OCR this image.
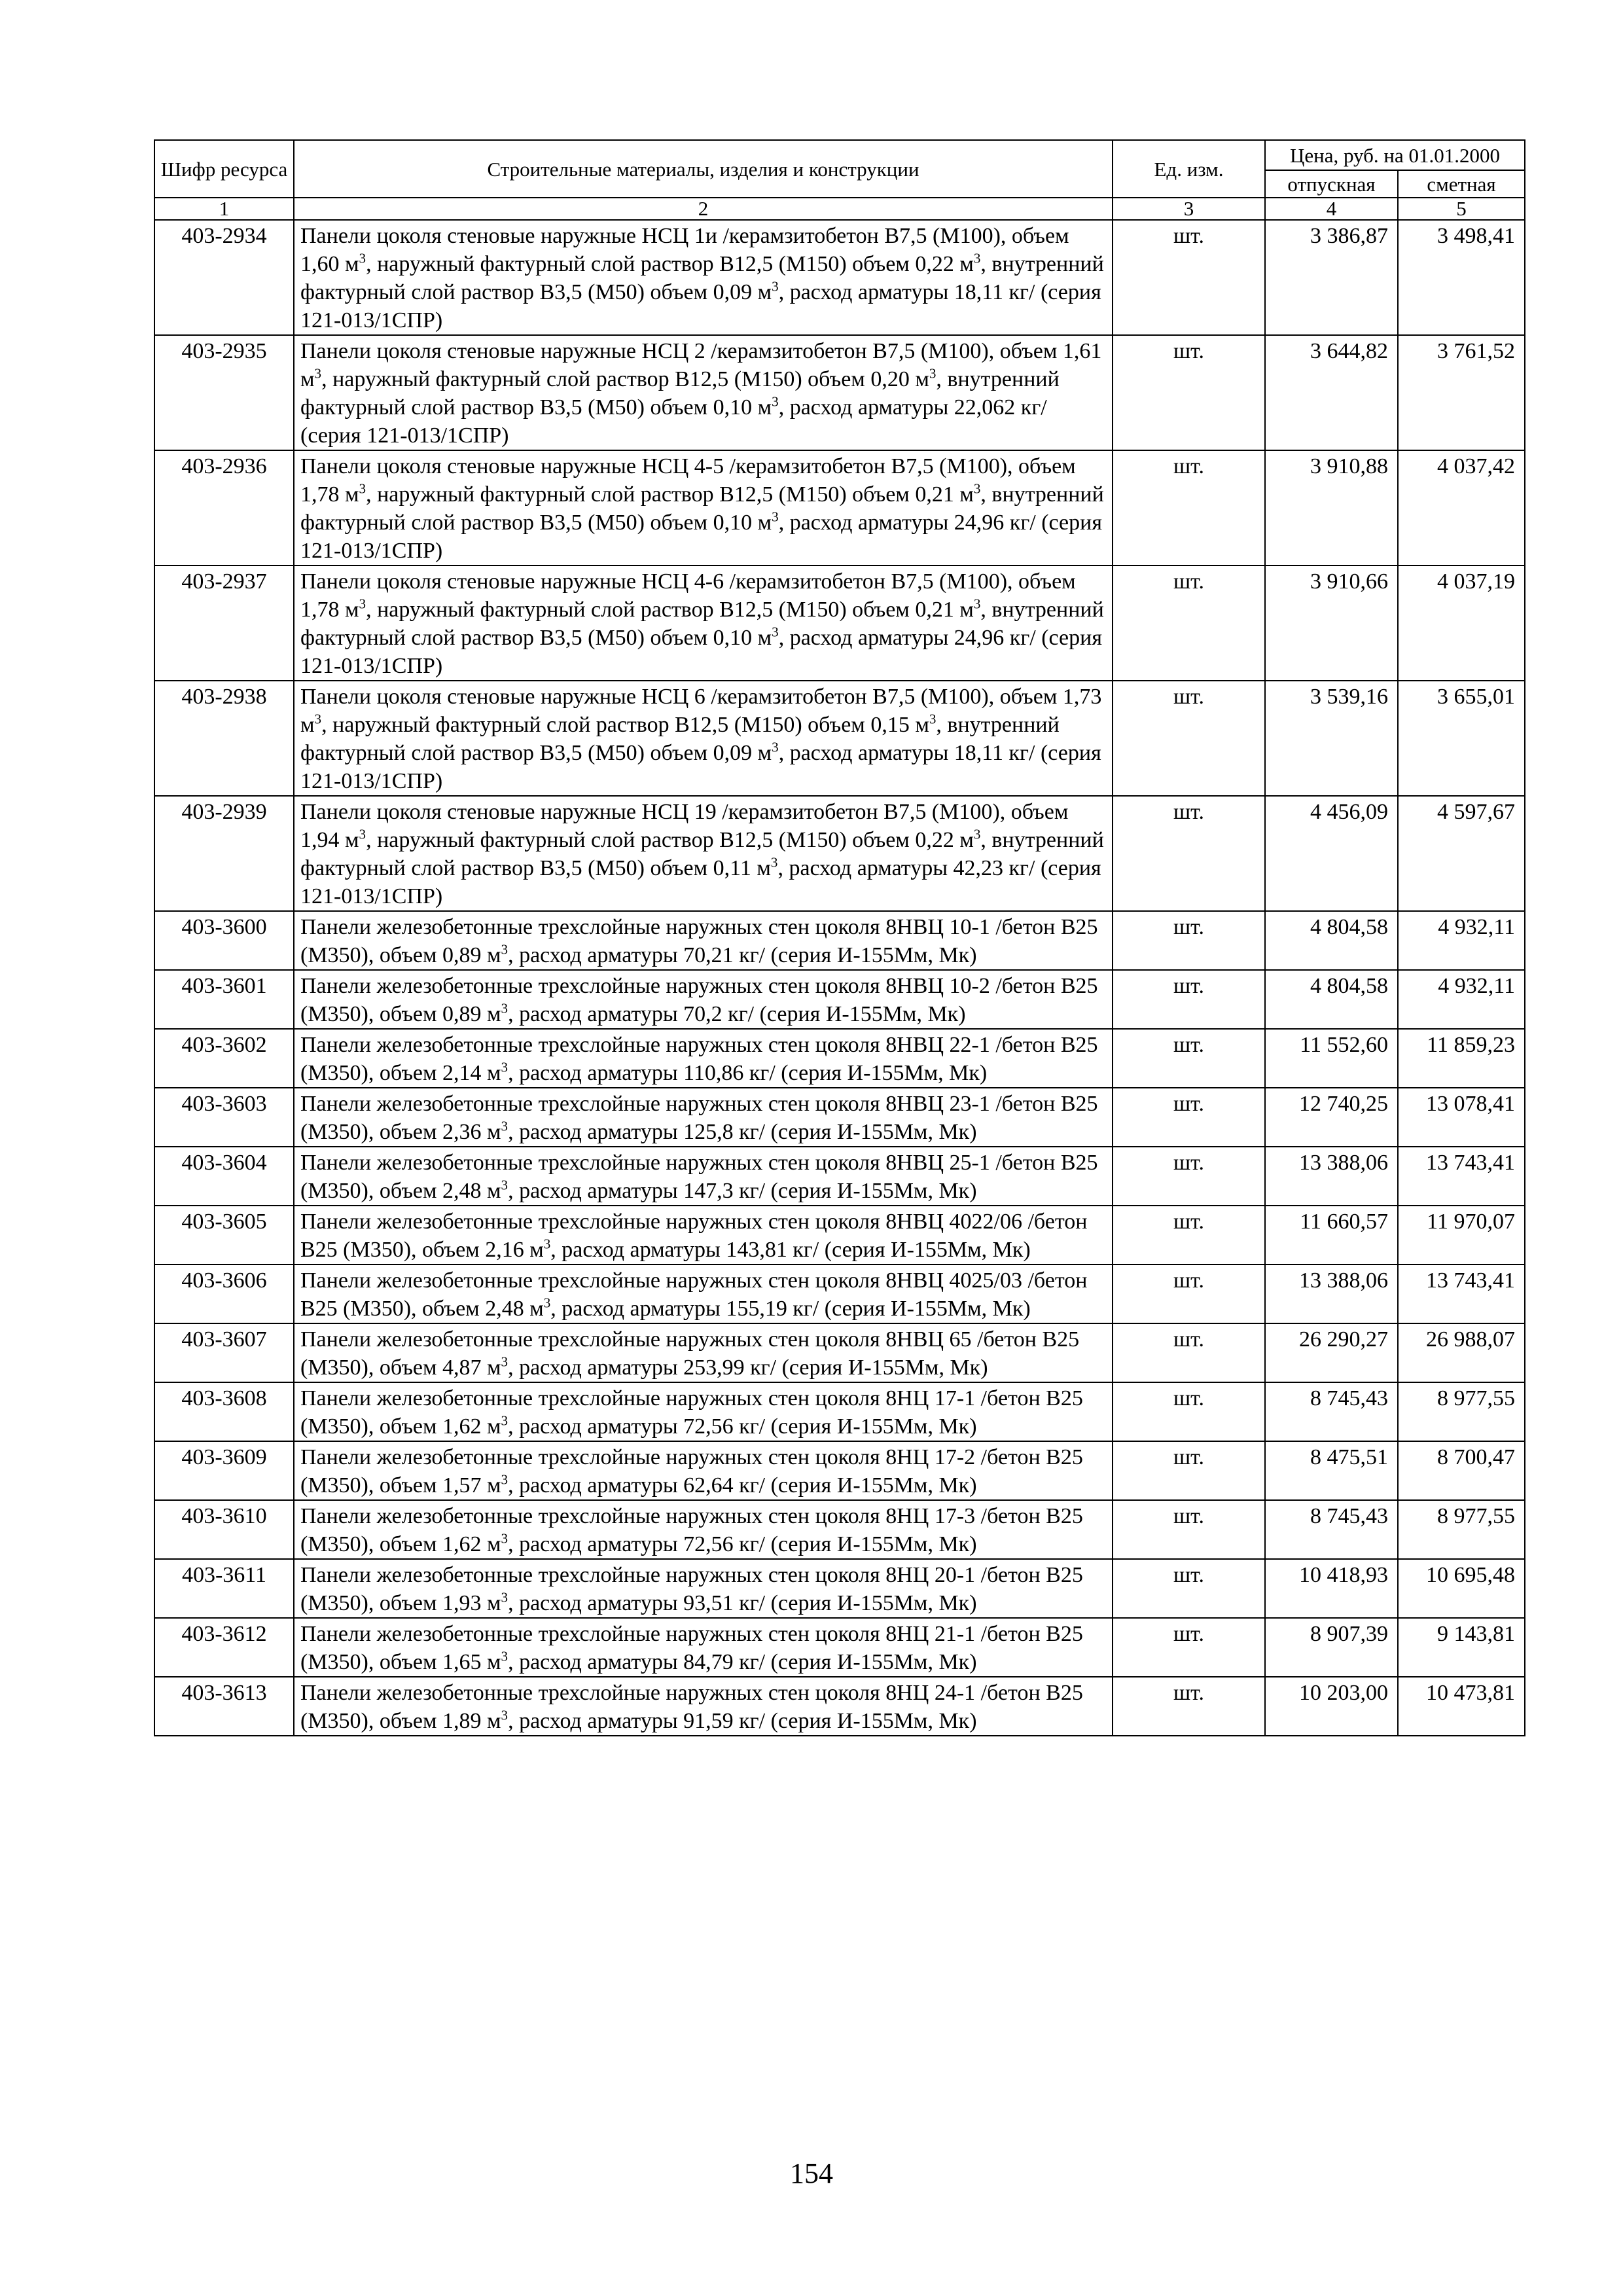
Шифр ресурса	Строительные материалы, изделия и конструкции	Ед. изм.	Цена, руб. на 01.01.2000	
			отпускная	сметная
1	2	3	4	5
403-2934	Панели цоколя стеновые наружные НСЦ 1и /керамзитобетон В7,5 (М100), объем 1,60 $м^3$, наружный фактурный слой раствор В12,5 (М150) объем 0,22 $м^3$, внутренний фактурный слой раствор В3,5 (М50) объем 0,09 $м^3$, расход арматуры 18,11 кг/ (серия 121-013/1СПР)	шт.	3 386,87	3 498,41
403-2935	Панели цоколя стеновые наружные НСЦ 2 /керамзитобетон В7,5 (М100), объем 1,61 $м^3$, наружный фактурный слой раствор В12,5 (М150) объем 0,20 $м^3$, внутренний фактурный слой раствор В3,5 (М50) объем 0,10 $м^3$, расход арматуры 22,062 кг/ (серия 121-013/1СПР)	шт.	3 644,82	3 761,52
403-2936	Панели цоколя стеновые наружные НСЦ 4-5 /керамзитобетон В7,5 (М100), объем 1,78 $м^3$, наружный фактурный слой раствор В12,5 (М150) объем 0,21 $м^3$, внутренний фактурный слой раствор В3,5 (М50) объем 0,10 $м^3$, расход арматуры 24,96 кг/ (серия 121-013/1СПР)	шт.	3 910,88	4 037,42
403-2937	Панели цоколя стеновые наружные НСЦ 4-6 /керамзитобетон В7,5 (М100), объем 1,78 $м^3$, наружный фактурный слой раствор В12,5 (М150) объем 0,21 $м^3$, внутренний фактурный слой раствор В3,5 (М50) объем 0,10 $м^3$, расход арматуры 24,96 кг/ (серия 121-013/1СПР)	шт.	3 910,66	4 037,19
403-2938	Панели цоколя стеновые наружные НСЦ 6 /керамзитобетон В7,5 (М100), объем 1,73 $м^3$, наружный фактурный слой раствор В12,5 (М150) объем 0,15 $м^3$, внутренний фактурный слой раствор В3,5 (М50) объем 0,09 $м^3$, расход арматуры 18,11 кг/ (серия 121-013/1СПР)	шт.	3 539,16	3 655,01
403-2939	Панели цоколя стеновые наружные НСЦ 19 /керамзитобетон В7,5 (М100), объем 1,94 $м^3$, наружный фактурный слой раствор В12,5 (М150) объем 0,22 $м^3$, внутренний фактурный слой раствор В3,5 (М50) объем 0,11 $м^3$, расход арматуры 42,23 кг/ (серия 121-013/1СПР)	шт.	4 456,09	4 597,67
403-3600	Панели железобетонные трехслойные наружных стен цоколя 8НВЦ 10-1 /бетон В25 (М350), объем 0,89 $м^3$, расход арматуры 70,21 кг/ (серия И-155Мм, Мк)	шт.	4 804,58	4 932,11
403-3601	Панели железобетонные трехслойные наружных стен цоколя 8НВЦ 10-2 /бетон В25 (М350), объем 0,89 $м^3$, расход арматуры 70,2 кг/ (серия И-155Мм, Мк)	шт.	4 804,58	4 932,11
403-3602	Панели железобетонные трехслойные наружных стен цоколя 8НВЦ 22-1 /бетон В25 (М350), объем 2,14 $м^3$, расход арматуры 110,86 кг/ (серия И-155Мм, Мк)	шт.	11 552,60	11 859,23
403-3603	Панели железобетонные трехслойные наружных стен цоколя 8НВЦ 23-1 /бетон В25 (М350), объем 2,36 $м^3$, расход арматуры 125,8 кг/ (серия И-155Мм, Мк)	шт.	12 740,25	13 078,41
403-3604	Панели железобетонные трехслойные наружных стен цоколя 8НВЦ 25-1 /бетон В25 (М350), объем 2,48 $м^3$, расход арматуры 147,3 кг/ (серия И-155Мм, Мк)	шт.	13 388,06	13 743,41
403-3605	Панели железобетонные трехслойные наружных стен цоколя 8НВЦ 4022/06 /бетон В25 (М350), объем 2,16 $м^3$, расход арматуры 143,81 кг/ (серия И-155Мм, Мк)	шт.	11 660,57	11 970,07
403-3606	Панели железобетонные трехслойные наружных стен цоколя 8НВЦ 4025/03 /бетон В25 (М350), объем 2,48 $м^3$, расход арматуры 155,19 кг/ (серия И-155Мм, Мк)	шт.	13 388,06	13 743,41
403-3607	Панели железобетонные трехслойные наружных стен цоколя 8НВЦ 65 /бетон В25 (М350), объем 4,87 $м^3$, расход арматуры 253,99 кг/ (серия И-155Мм, Мк)	шт.	26 290,27	26 988,07
403-3608	Панели железобетонные трехслойные наружных стен цоколя 8НЦ 17-1 /бетон В25 (М350), объем 1,62 $м^3$, расход арматуры 72,56 кг/ (серия И-155Мм, Мк)	шт.	8 745,43	8 977,55
403-3609	Панели железобетонные трехслойные наружных стен цоколя 8НЦ 17-2 /бетон В25 (М350), объем 1,57 $м^3$, расход арматуры 62,64 кг/ (серия И-155Мм, Мк)	шт.	8 475,51	8 700,47
403-3610	Панели железобетонные трехслойные наружных стен цоколя 8НЦ 17-3 /бетон В25 (М350), объем 1,62 $м^3$, расход арматуры 72,56 кг/ (серия И-155Мм, Мк)	шт.	8 745,43	8 977,55
403-3611	Панели железобетонные трехслойные наружных стен цоколя 8НЦ 20-1 /бетон В25 (М350), объем 1,93 $м^3$, расход арматуры 93,51 кг/ (серия И-155Мм, Мк)	шт.	10 418,93	10 695,48
403-3612	Панели железобетонные трехслойные наружных стен цоколя 8НЦ 21-1 /бетон В25 (М350), объем 1,65 $м^3$, расход арматуры 84,79 кг/ (серия И-155Мм, Мк)	шт.	8 907,39	9 143,81
403-3613	Панели железобетонные трехслойные наружных стен цоколя 8НЦ 24-1 /бетон В25 (М350), объем 1,89 $м^3$, расход арматуры 91,59 кг/ (серия И-155Мм, Мк)	шт.	10 203,00	10 473,81
154
